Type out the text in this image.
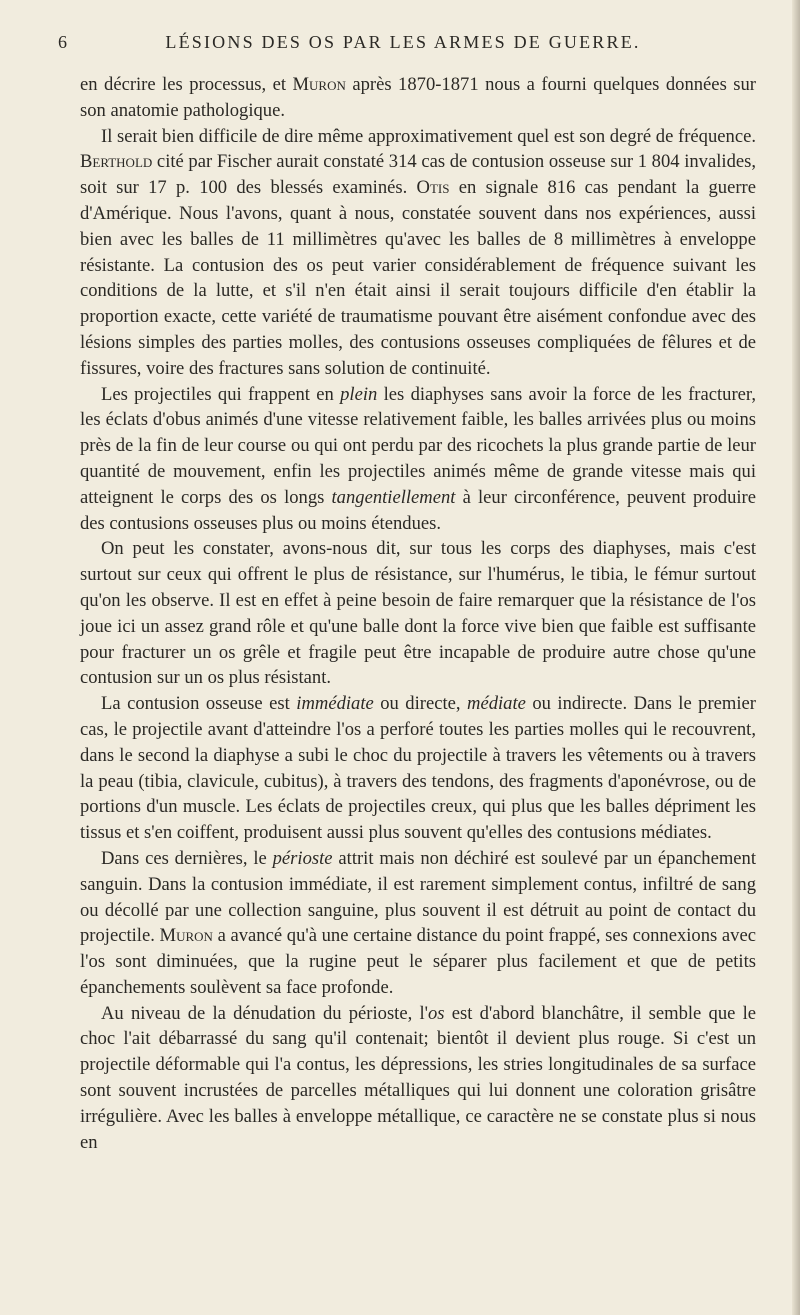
6	LÉSIONS DES OS PAR LES ARMES DE GUERRE.

en décrire les processus, et Muron après 1870-1871 nous a fourni quelques données sur son anatomie pathologique.

Il serait bien difficile de dire même approximativement quel est son degré de fréquence. Berthold cité par Fischer aurait constaté 314 cas de contusion osseuse sur 1 804 invalides, soit sur 17 p. 100 des blessés examinés. Otis en signale 816 cas pendant la guerre d'Amérique. Nous l'avons, quant à nous, constatée souvent dans nos expériences, aussi bien avec les balles de 11 millimètres qu'avec les balles de 8 millimètres à enveloppe résistante. La contusion des os peut varier considérablement de fréquence suivant les conditions de la lutte, et s'il n'en était ainsi il serait toujours difficile d'en établir la proportion exacte, cette variété de traumatisme pouvant être aisément confondue avec des lésions simples des parties molles, des contusions osseuses compliquées de fêlures et de fissures, voire des fractures sans solution de continuité.

Les projectiles qui frappent en plein les diaphyses sans avoir la force de les fracturer, les éclats d'obus animés d'une vitesse relativement faible, les balles arrivées plus ou moins près de la fin de leur course ou qui ont perdu par des ricochets la plus grande partie de leur quantité de mouvement, enfin les projectiles animés même de grande vitesse mais qui atteignent le corps des os longs tangentiellement à leur circonférence, peuvent produire des contusions osseuses plus ou moins étendues.

On peut les constater, avons-nous dit, sur tous les corps des diaphyses, mais c'est surtout sur ceux qui offrent le plus de résistance, sur l'humérus, le tibia, le fémur surtout qu'on les observe. Il est en effet à peine besoin de faire remarquer que la résistance de l'os joue ici un assez grand rôle et qu'une balle dont la force vive bien que faible est suffisante pour fracturer un os grêle et fragile peut être incapable de produire autre chose qu'une contusion sur un os plus résistant.

La contusion osseuse est immédiate ou directe, médiate ou indirecte. Dans le premier cas, le projectile avant d'atteindre l'os a perforé toutes les parties molles qui le recouvrent, dans le second la diaphyse a subi le choc du projectile à travers les vêtements ou à travers la peau (tibia, clavicule, cubitus), à travers des tendons, des fragments d'aponévrose, ou de portions d'un muscle. Les éclats de projectiles creux, qui plus que les balles dépriment les tissus et s'en coiffent, produisent aussi plus souvent qu'elles des contusions médiates.

Dans ces dernières, le périoste attrit mais non déchiré est soulevé par un épanchement sanguin. Dans la contusion immédiate, il est rarement simplement contus, infiltré de sang ou décollé par une collection sanguine, plus souvent il est détruit au point de contact du projectile. Muron a avancé qu'à une certaine distance du point frappé, ses connexions avec l'os sont diminuées, que la rugine peut le séparer plus facilement et que de petits épanchements soulèvent sa face profonde.

Au niveau de la dénudation du périoste, l'os est d'abord blanchâtre, il semble que le choc l'ait débarrassé du sang qu'il contenait; bientôt il devient plus rouge. Si c'est un projectile déformable qui l'a contus, les dépressions, les stries longitudinales de sa surface sont souvent incrustées de parcelles métalliques qui lui donnent une coloration grisâtre irrégulière. Avec les balles à enveloppe métallique, ce caractère ne se constate plus si nous en
